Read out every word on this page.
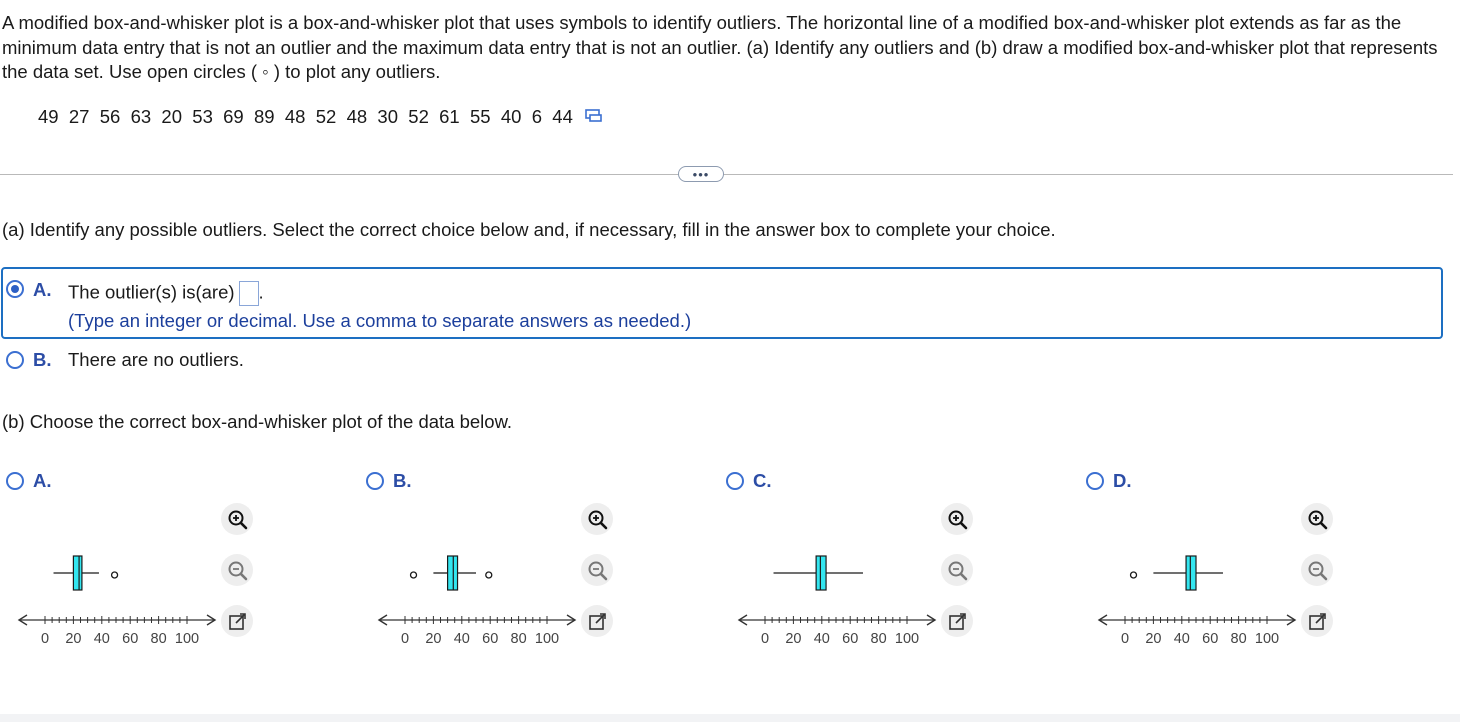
A modified box-and-whisker plot is a box-and-whisker plot that uses symbols to identify outliers. The horizontal line of a modified box-and-whisker plot extends as far as the minimum data entry that is not an outlier and the maximum data entry that is not an outlier. (a) Identify any outliers and (b) draw a modified box-and-whisker plot that represents the data set. Use open circles ( ◦ ) to plot any outliers.

49  27  56  63  20  53  69  89  48  52  48  30  52  61  55  40  6  44
•••

(a) Identify any possible outliers. Select the correct choice below and, if necessary, fill in the answer box to complete your choice.

A. The outlier(s) is(are) .
(Type an integer or decimal. Use a comma to separate answers as needed.)
B. There are no outliers.

(b) Choose the correct box-and-whisker plot of the data below.

A.
0 20 40 60 80 100
B.
0 20 40 60 80 100
C.
0 20 40 60 80 100
D.
0 20 40 60 80 100
